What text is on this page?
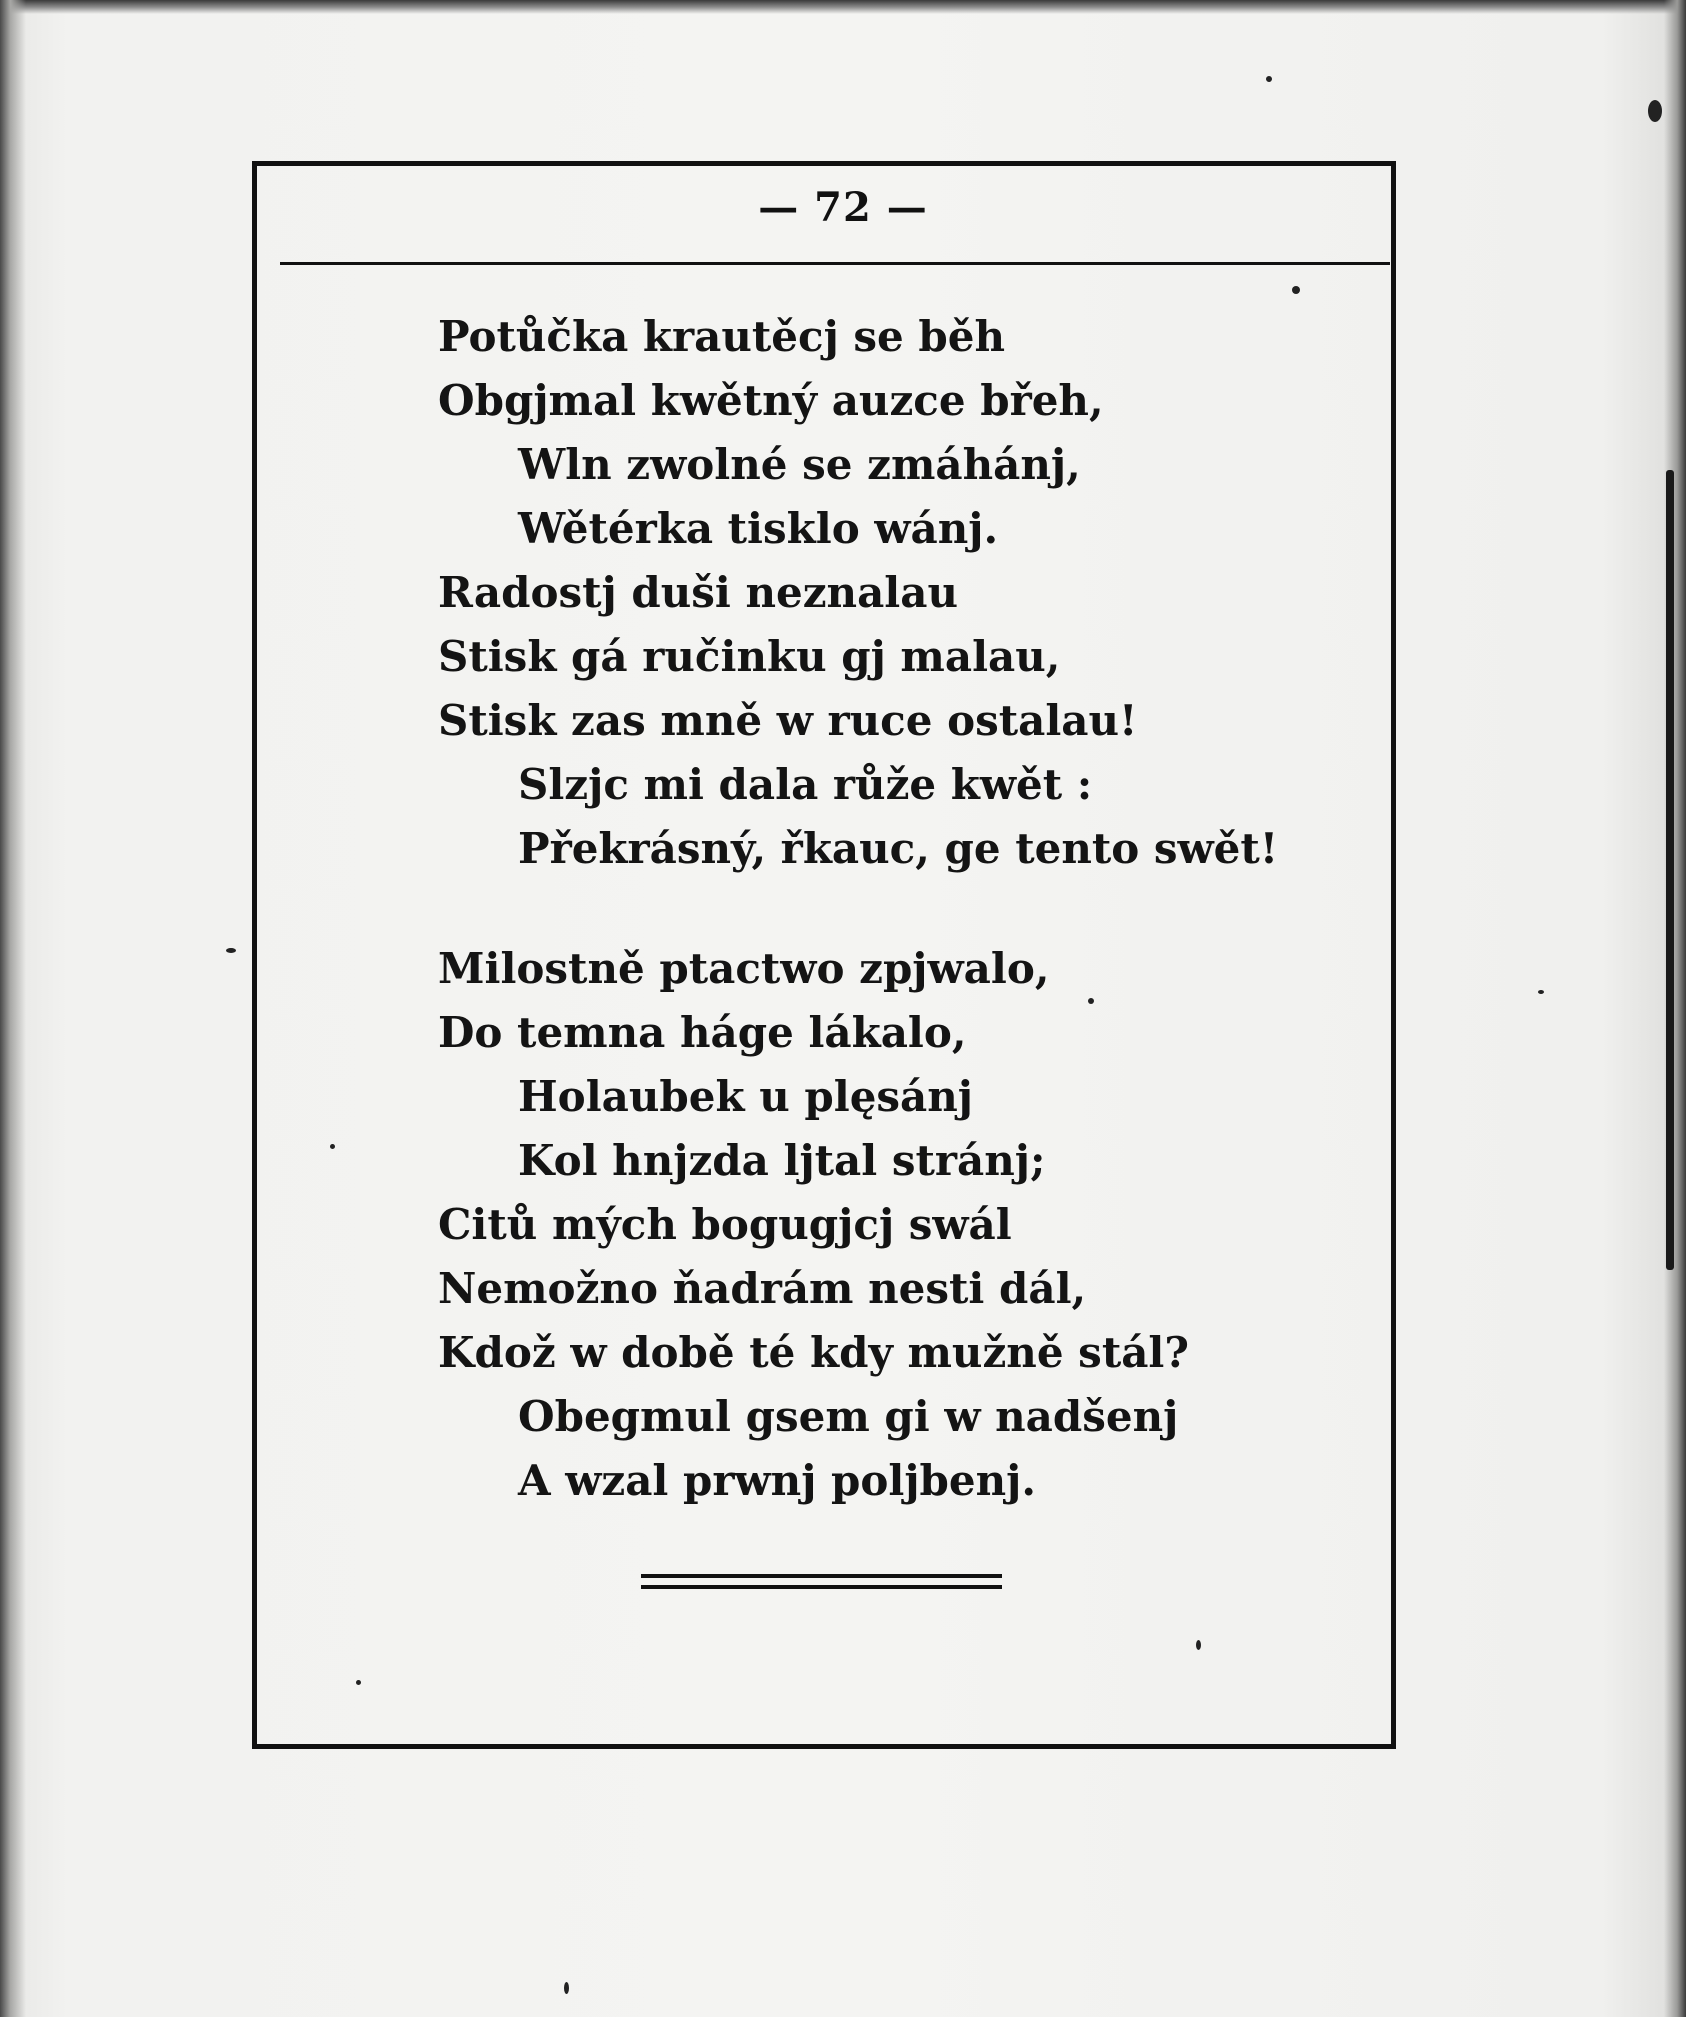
— 72 —
Potůčka krautěcj se běh
Obgjmal kwětný auzce břeh,
Wln zwolné se zmáhánj,
Wětérka tisklo wánj.
Radostj duši neznalau
Stisk gá ručinku gj malau,
Stisk zas mně w ruce ostalau!
Slzjc mi dala růže kwět :
Překrásný, řkauc, ge tento swět!
Milostně ptactwo zpjwalo,
Do temna háge lákalo,
Holaubek u plęsánj
Kol hnjzda ljtal stránj;
Citů mých bogugjcj swál
Nemožno ňadrám nesti dál,
Kdož w době té kdy mužně stál?
Obegmul gsem gi w nadšenj
A wzal prwnj poljbenj.
